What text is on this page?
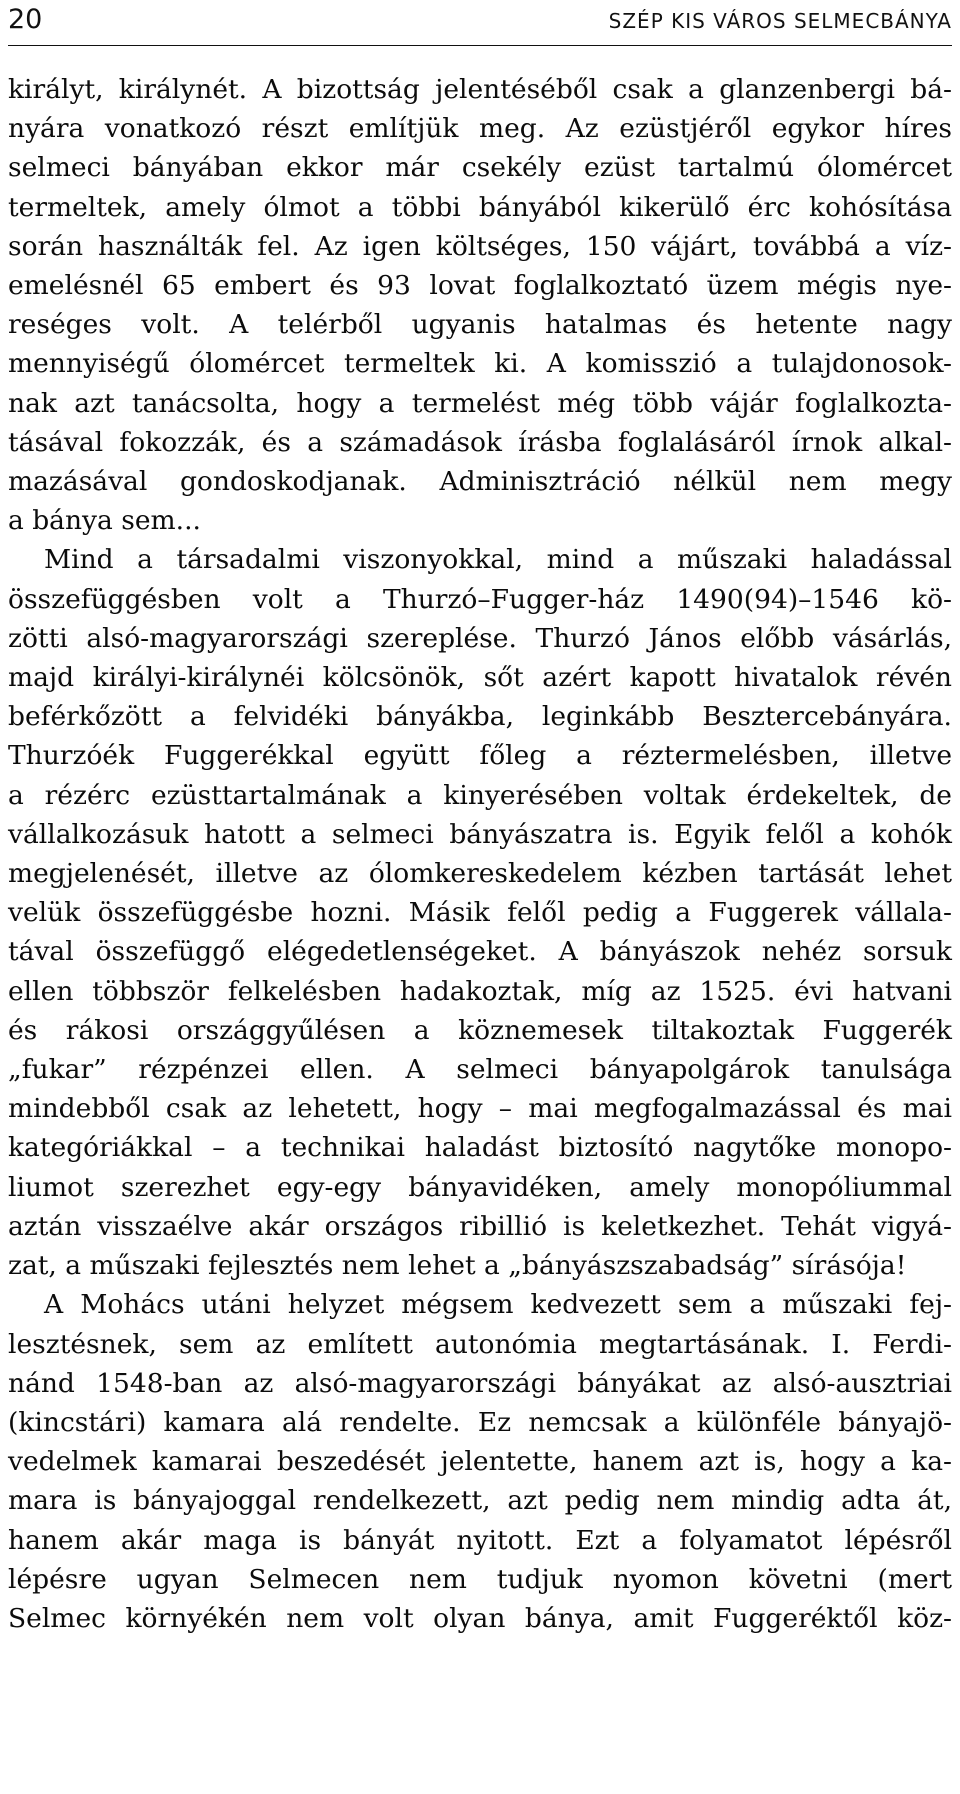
20	SZÉP KIS VÁROS SELMECBÁNYA
királyt, királynét. A bizottság jelentéséből csak a glanzenbergi bá-
nyára vonatkozó részt említjük meg. Az ezüstjéről egykor híres
selmeci bányában ekkor már csekély ezüst tartalmú ólomércet
termeltek, amely ólmot a többi bányából kikerülő érc kohósítása
során használták fel. Az igen költséges, 150 vájárt, továbbá a víz-
emelésnél 65 embert és 93 lovat foglalkoztató üzem mégis nye-
reséges volt. A telérből ugyanis hatalmas és hetente nagy
mennyiségű ólomércet termeltek ki. A komisszió a tulajdonosok-
nak azt tanácsolta, hogy a termelést még több vájár foglalkozta-
tásával fokozzák, és a számadások írásba foglalásáról írnok alkal-
mazásával gondoskodjanak. Adminisztráció nélkül nem megy
a bánya sem...
Mind a társadalmi viszonyokkal, mind a műszaki haladással
összefüggésben volt a Thurzó–Fugger-ház 1490(94)–1546 kö-
zötti alsó-magyarországi szereplése. Thurzó János előbb vásárlás,
majd királyi-királynéi kölcsönök, sőt azért kapott hivatalok révén
beférkőzött a felvidéki bányákba, leginkább Besztercebányára.
Thurzóék Fuggerékkal együtt főleg a réztermelésben, illetve
a rézérc ezüsttartalmának a kinyerésében voltak érdekeltek, de
vállalkozásuk hatott a selmeci bányászatra is. Egyik felől a kohók
megjelenését, illetve az ólomkereskedelem kézben tartását lehet
velük összefüggésbe hozni. Másik felől pedig a Fuggerek vállala-
tával összefüggő elégedetlenségeket. A bányászok nehéz sorsuk
ellen többször felkelésben hadakoztak, míg az 1525. évi hatvani
és rákosi országgyűlésen a köznemesek tiltakoztak Fuggerék
„fukar” rézpénzei ellen. A selmeci bányapolgárok tanulsága
mindebből csak az lehetett, hogy – mai megfogalmazással és mai
kategóriákkal – a technikai haladást biztosító nagytőke monopo-
liumot szerezhet egy-egy bányavidéken, amely monopóliummal
aztán visszaélve akár országos ribillió is keletkezhet. Tehát vigyá-
zat, a műszaki fejlesztés nem lehet a „bányászszabadság” sírásója!
A Mohács utáni helyzet mégsem kedvezett sem a műszaki fej-
lesztésnek, sem az említett autonómia megtartásának. I. Ferdi-
nánd 1548-ban az alsó-magyarországi bányákat az alsó-ausztriai
(kincstári) kamara alá rendelte. Ez nemcsak a különféle bányajö-
vedelmek kamarai beszedését jelentette, hanem azt is, hogy a ka-
mara is bányajoggal rendelkezett, azt pedig nem mindig adta át,
hanem akár maga is bányát nyitott. Ezt a folyamatot lépésről
lépésre ugyan Selmecen nem tudjuk nyomon követni (mert
Selmec környékén nem volt olyan bánya, amit Fuggeréktől köz-
